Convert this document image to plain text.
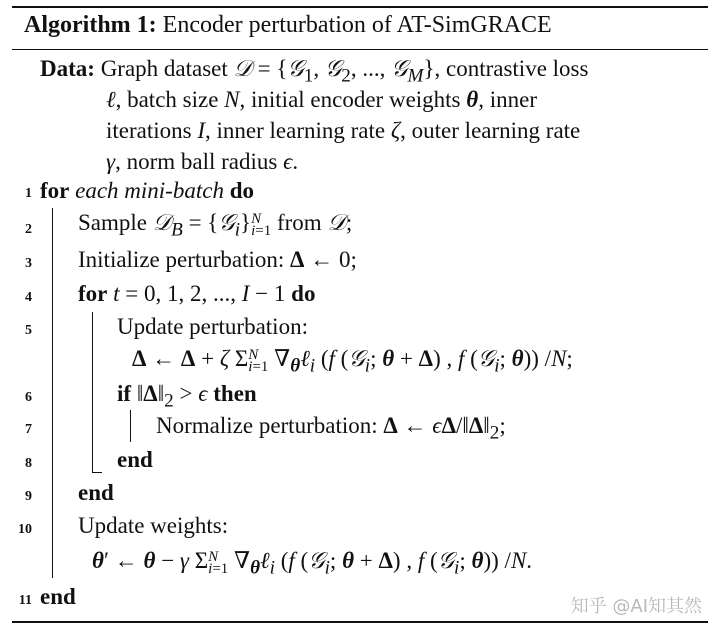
Algorithm 1: Encoder perturbation of AT-SimGRACE
Data: Graph dataset 𝒟 = {𝒢$_1$, 𝒢$_2$, ..., 𝒢$_M$}, contrastive loss
ℓ, batch size N, initial encoder weights θ, inner
iterations I, inner learning rate ζ, outer learning rate
γ, norm ball radius ϵ.
1 for each mini-batch do
2 Sample 𝒟$_B$ = {𝒢$_i$} N
i=1 from 𝒟;
3 Initialize perturbation: Δ ← 0;
4 for t = 0, 1, 2, ..., I − 1 do
5	Update perturbation:
Δ ← Δ + ζ Σ N
i=1 $\nabla_\theta\ell_i$ (f (𝒢$_i$; θ + Δ) , f (𝒢$_i$; θ)) /N;
6	if $‖\Delta‖_2 > \epsilon$ then
7	Normalize perturbation: Δ ← $\epsilon\Delta/‖\Delta‖_2$;
8	end
9 end
10 Update weights:
θ′ ← θ − γ Σ N
i=1 $\nabla_\theta\ell_i$ (f (𝒢$_i$; θ + Δ) , f (𝒢$_i$; θ)) /N.
11 end	知乎 @AI知其然
